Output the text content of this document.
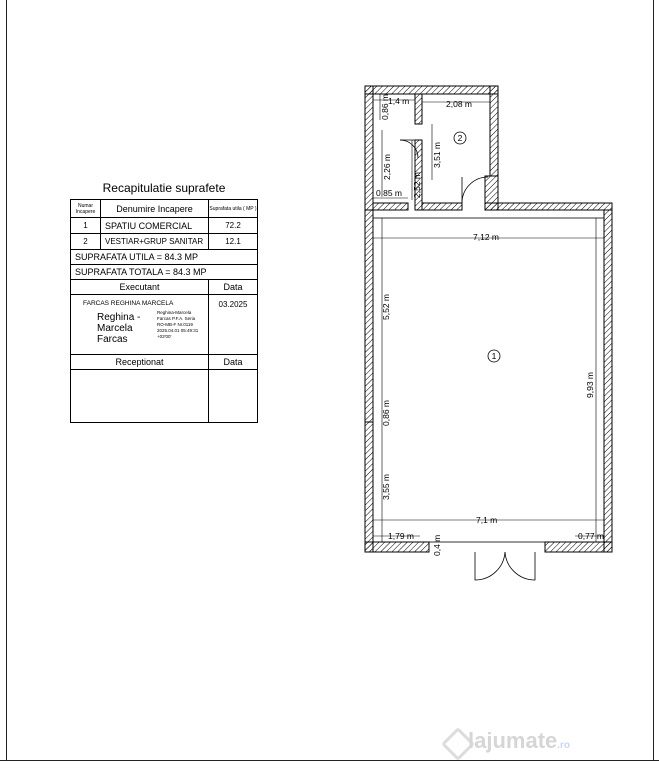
Recapitulatie suprafete
Numar Incapere	Denumire Incapere	Suprafata utila ( MP )
1	SPATIU COMERCIAL	72.2
2	VESTIAR+GRUP SANITAR	12.1
SUPRAFATA UTILA = 84.3 MP
SUPRAFATA TOTALA = 84.3 MP
Executant	Data
FARCAS REGHINA MARCELA
Reghina -Marcela Farcas
Reghina-Marcela Farcas P.F.A. Seria RO-MB-F Nr.0119 2025.04.01 05:49:31 +03'00'
03.2025
Receptionat	Data
2
1
1,4 m	2,08 m
0,86 m
2,26 m
2,52 m
3,51 m
0,85 m
7,12 m
5,52 m
9,93 m
0,86 m
3,55 m
7,1 m
1,79 m	0,77 m
0,4 m
lajumate.ro
